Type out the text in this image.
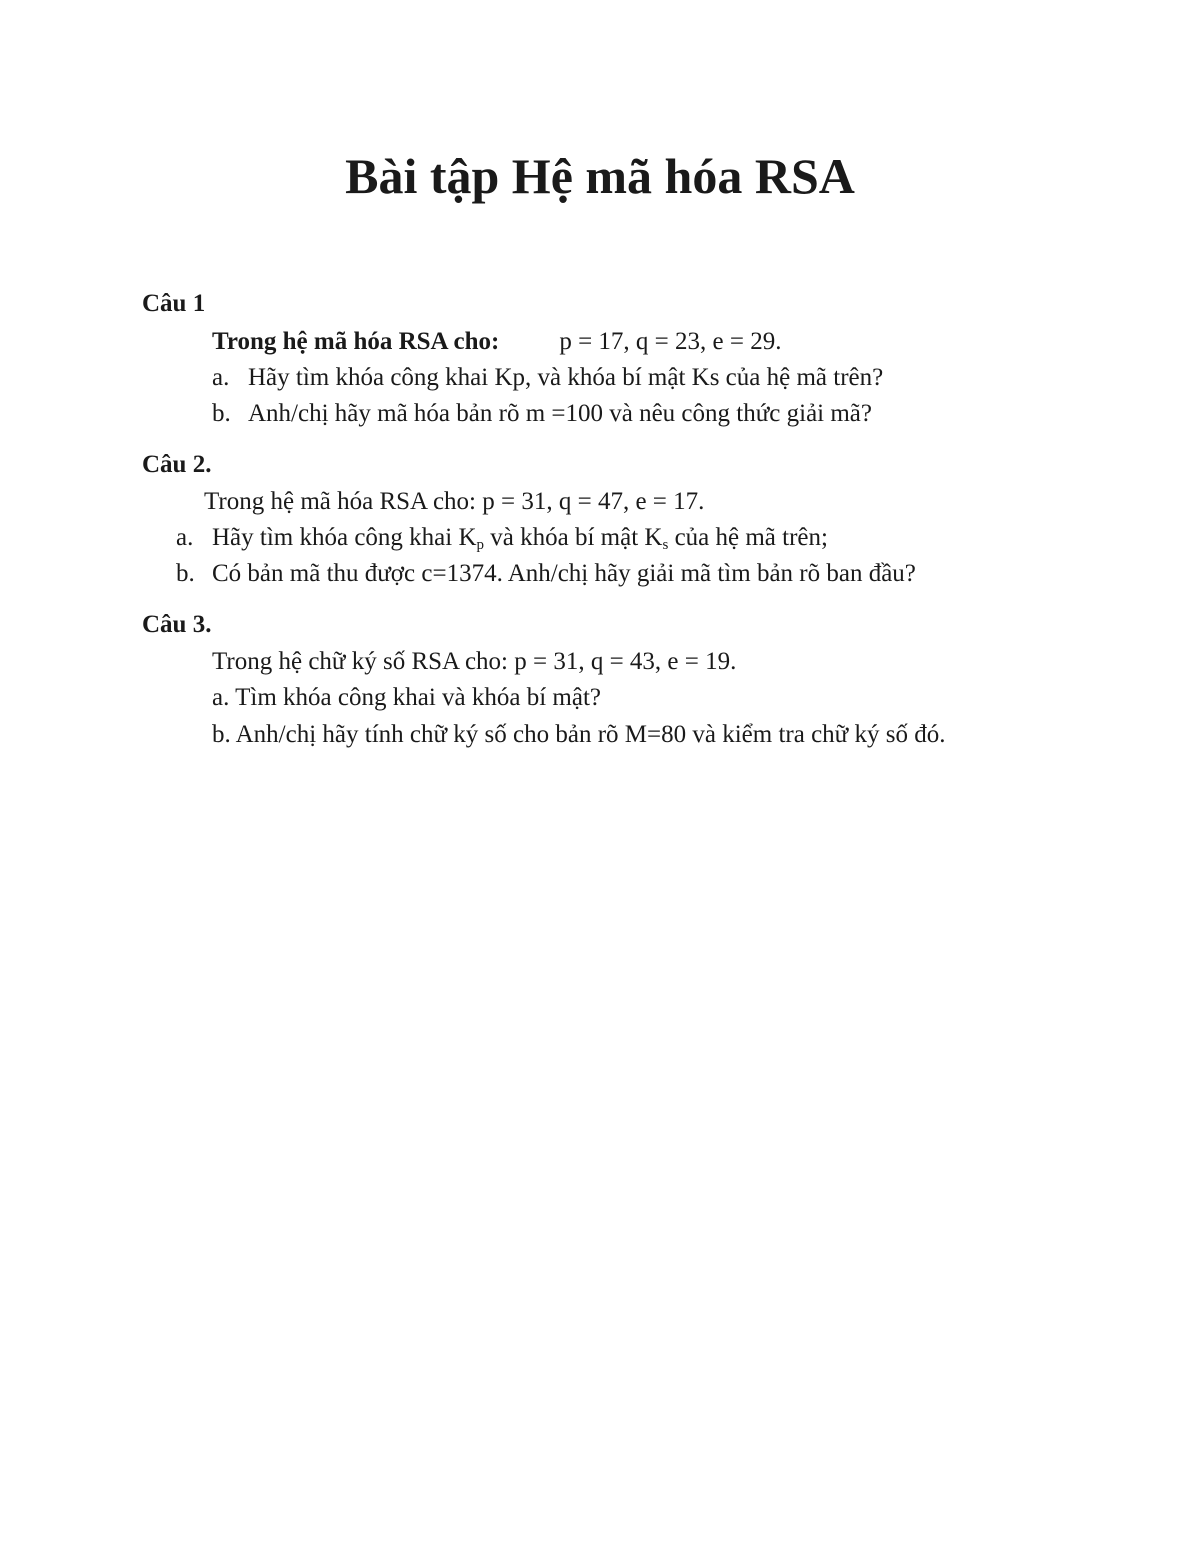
Bài tập Hệ mã hóa RSA

Câu 1

Trong hệ mã hóa RSA cho: p = 17, q = 23, e = 29.

a. Hãy tìm khóa công khai Kp, và khóa bí mật Ks của hệ mã trên?

b. Anh/chị hãy mã hóa bản rõ m =100 và nêu công thức giải mã?

Câu 2.

Trong hệ mã hóa RSA cho: p = 31, q = 47, e = 17.

a. Hãy tìm khóa công khai $K_p$ và khóa bí mật $K_s$ của hệ mã trên;

b. Có bản mã thu được c=1374. Anh/chị hãy giải mã tìm bản rõ ban đầu?

Câu 3.

Trong hệ chữ ký số RSA cho: p = 31, q = 43, e = 19.

a. Tìm khóa công khai và khóa bí mật?

b. Anh/chị hãy tính chữ ký số cho bản rõ M=80 và kiểm tra chữ ký số đó.
